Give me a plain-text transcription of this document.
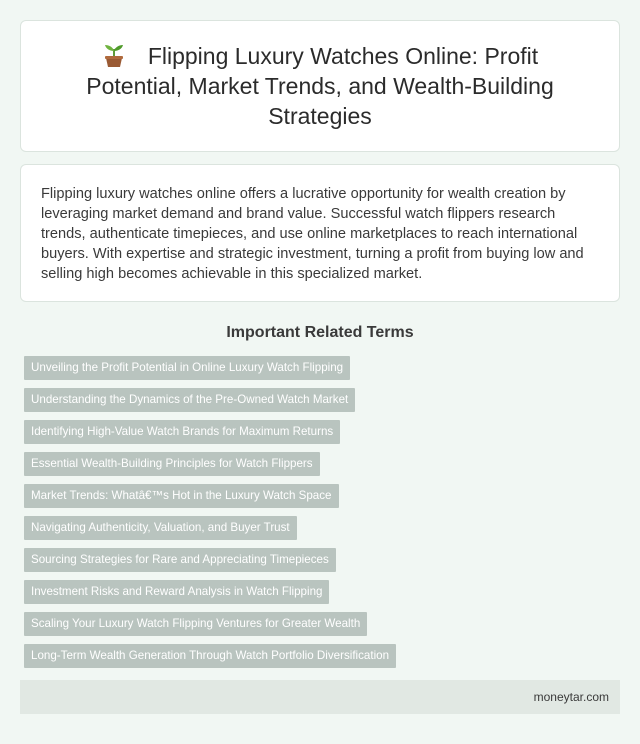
Flipping Luxury Watches Online: Profit Potential, Market Trends, and Wealth-Building Strategies

Flipping luxury watches online offers a lucrative opportunity for wealth creation by leveraging market demand and brand value. Successful watch flippers research trends, authenticate timepieces, and use online marketplaces to reach international buyers. With expertise and strategic investment, turning a profit from buying low and selling high becomes achievable in this specialized market.

Important Related Terms
Unveiling the Profit Potential in Online Luxury Watch Flipping
Understanding the Dynamics of the Pre-Owned Watch Market
Identifying High-Value Watch Brands for Maximum Returns
Essential Wealth-Building Principles for Watch Flippers
Market Trends: Whatâ€™s Hot in the Luxury Watch Space
Navigating Authenticity, Valuation, and Buyer Trust
Sourcing Strategies for Rare and Appreciating Timepieces
Investment Risks and Reward Analysis in Watch Flipping
Scaling Your Luxury Watch Flipping Ventures for Greater Wealth
Long-Term Wealth Generation Through Watch Portfolio Diversification
moneytar.com
